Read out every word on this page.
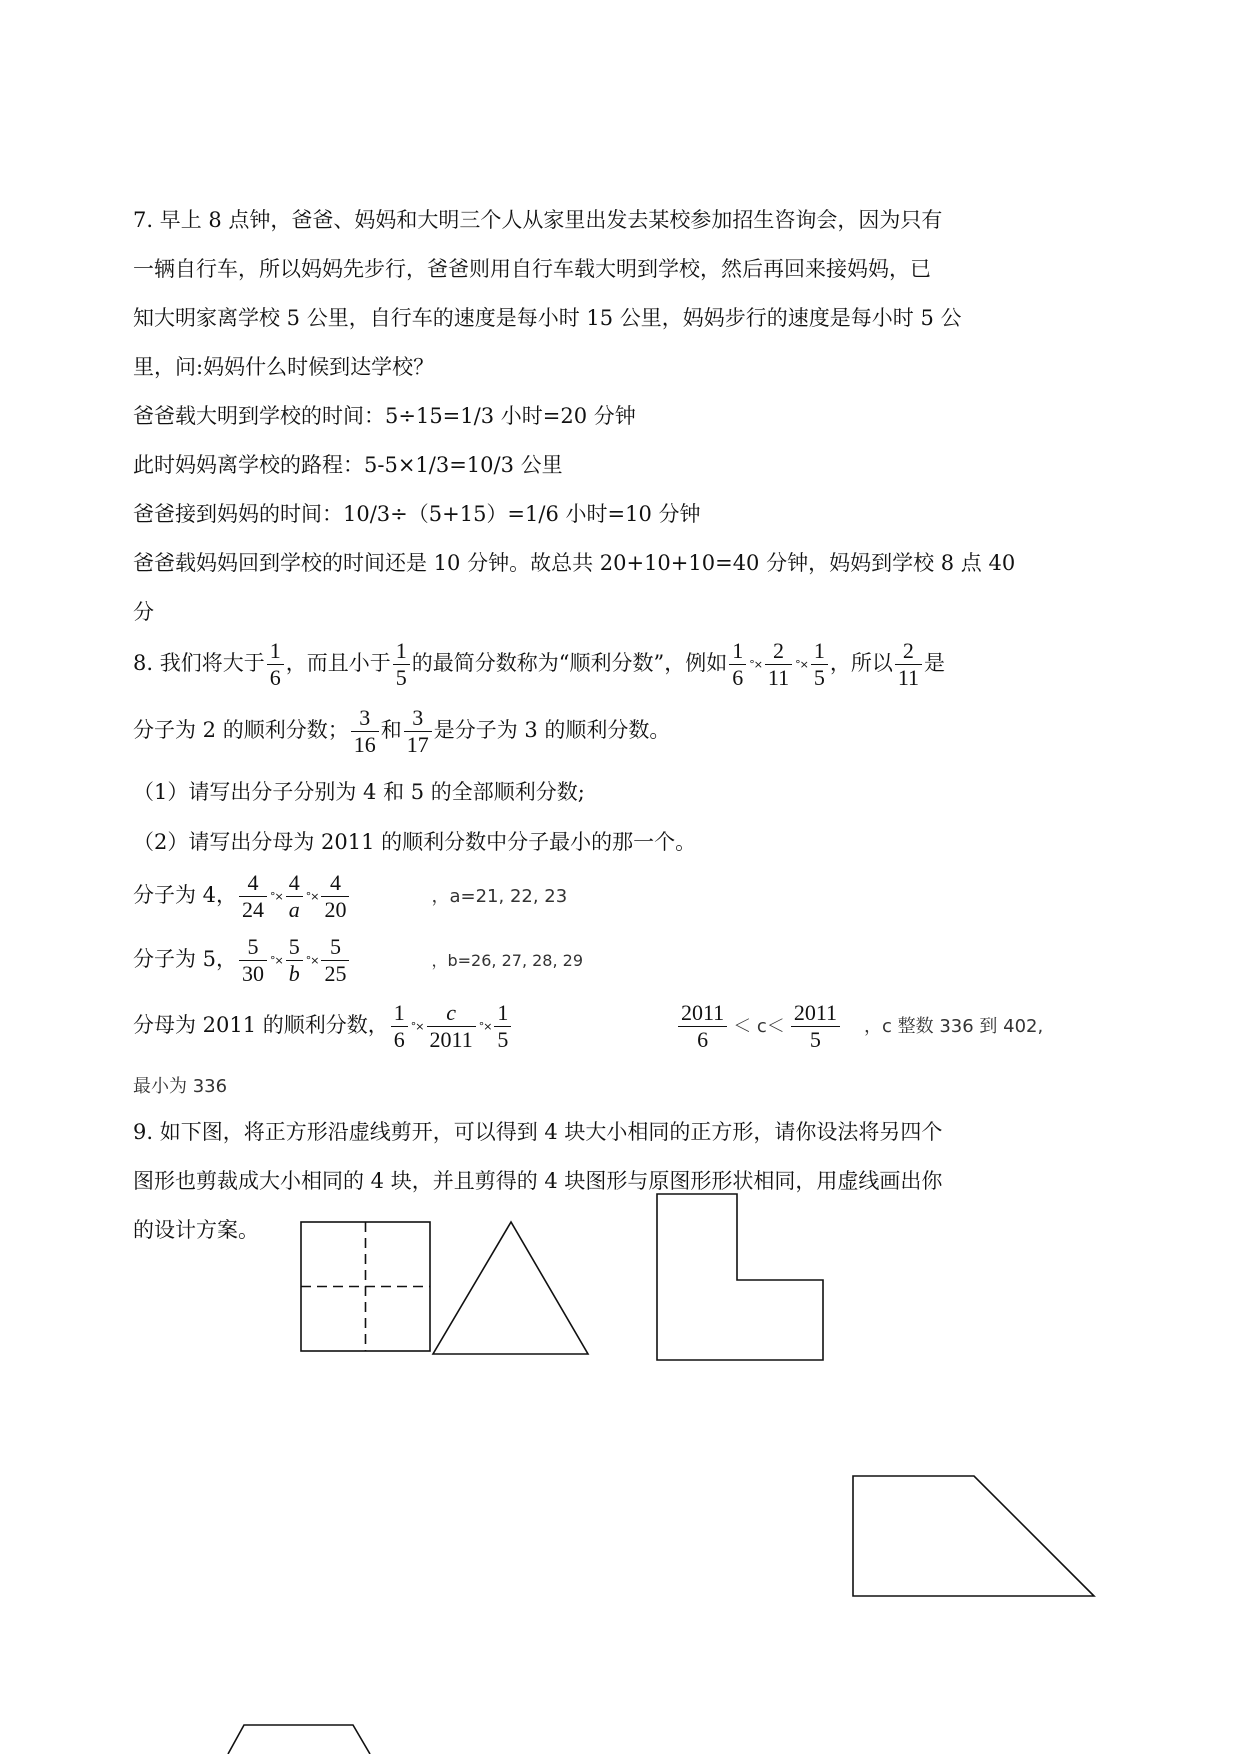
7. 早上 8 点钟，爸爸、妈妈和大明三个人从家里出发去某校参加招生咨询会，因为只有
一辆自行车，所以妈妈先步行，爸爸则用自行车载大明到学校，然后再回来接妈妈，已
知大明家离学校 5 公里，自行车的速度是每小时 15 公里，妈妈步行的速度是每小时 5 公
里，问:妈妈什么时候到达学校？
爸爸载大明到学校的时间：5÷15=1/3 小时=20 分钟
此时妈妈离学校的路程：5-5×1/3=10/3 公里
爸爸接到妈妈的时间：10/3÷（5+15）=1/6 小时=10 分钟
爸爸载妈妈回到学校的时间还是 10 分钟。故总共 20+10+10=40 分钟，妈妈到学校 8 点 40
分
8. 我们将大于 $\frac{1}{6}$ ，而且小于 $\frac{1}{5}$ 的最简分数称为“顺利分数”，例如 $\frac{1}{6}$ °× $\frac{2}{11}$ °× $\frac{1}{5}$ ，所以 $\frac{2}{11}$ 是
分子为 2 的顺利分数； $\frac{3}{16}$ 和 $\frac{3}{17}$ 是分子为 3 的顺利分数。
（1）请写出分子分别为 4 和 5 的全部顺利分数;
（2）请写出分母为 2011 的顺利分数中分子最小的那一个。
分子为 4， $\frac{4}{24}$ °× $\frac{4}{a}$ °× $\frac{4}{20}$	，a=21, 22, 23
分子为 5， $\frac{5}{30}$ °× $\frac{5}{b}$ °× $\frac{5}{25}$	，b=26, 27, 28, 29
分母为 2011 的顺利分数， $\frac{1}{6}$ °× $\frac{c}{2011}$ °× $\frac{1}{5}$	$\frac{2011}{6} < c< \frac{2011}{5}$ ，c 整数 336 到 402,
最小为 336
9. 如下图，将正方形沿虚线剪开，可以得到 4 块大小相同的正方形，请你设法将另四个
图形也剪裁成大小相同的 4 块，并且剪得的 4 块图形与原图形形状相同，用虚线画出你
的设计方案。
